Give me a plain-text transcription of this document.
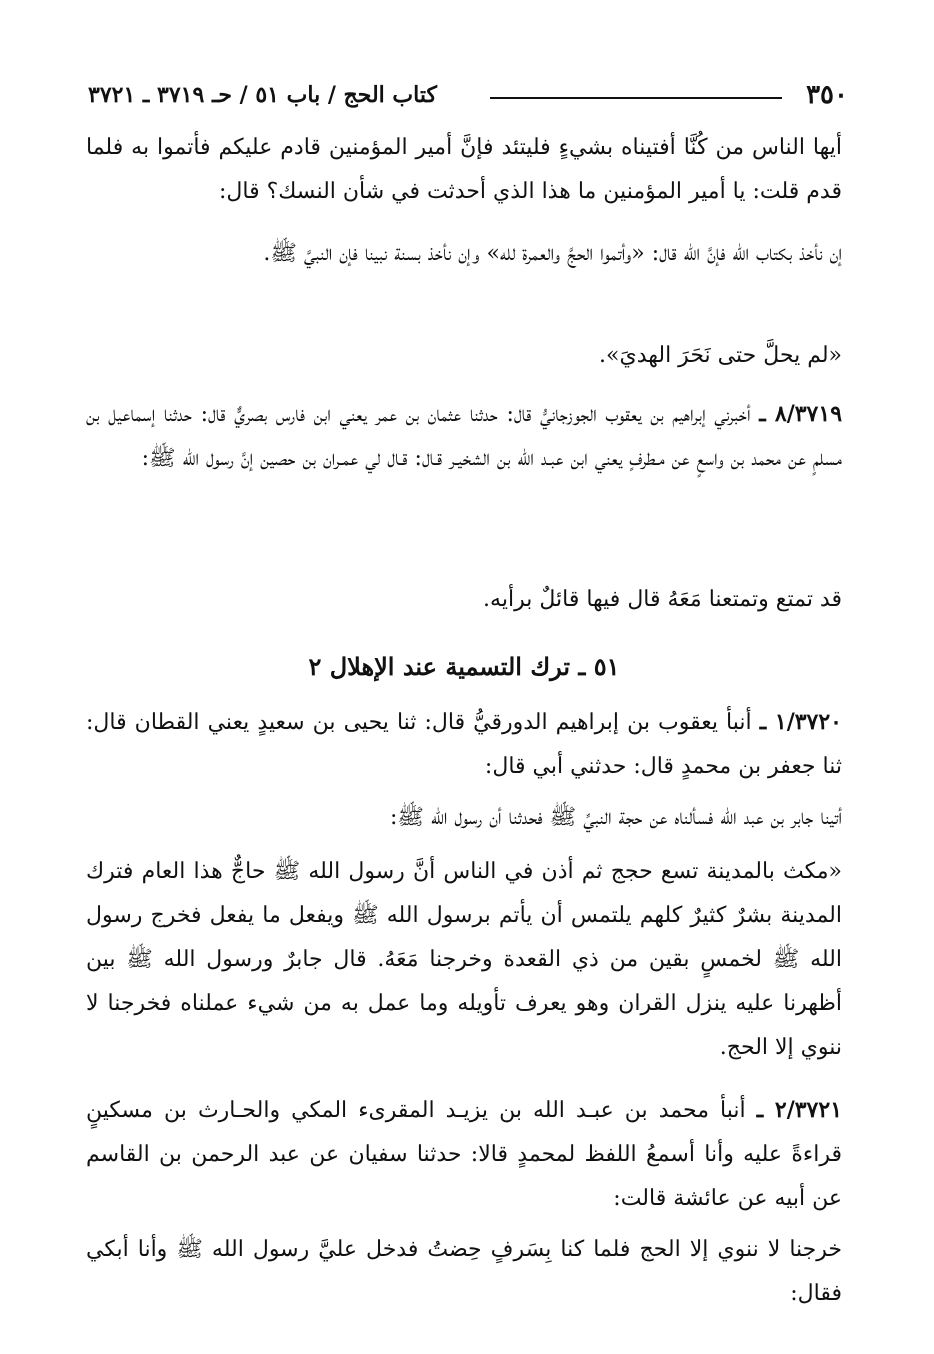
٣٥٠
كتاب الحج / باب ٥١ / حـ ٣٧١٩ ـ ٣٧٢١

أيها الناس من كُنَّا أفتيناه بشيءٍ فليتئد فإنَّ أمير المؤمنين قادم عليكم فأتموا به فلما قدم قلت: يا أمير المؤمنين ما هذا الذي أحدثت في شأن النسك؟ قال:

إن نأخذ بكتاب الله فإنَّ الله قال: «وأتموا الحجَّ والعمرة لله» وإن نأخذ بسنة نبينا فإن النبيَّ ﷺ.

«لم يحلَّ حتى نَحَرَ الهديَ».

٨/٣٧١٩ ـ أخبرني إبراهيم بن يعقوب الجوزجانيُّ قال: حدثنا عثمان بن عمر يعني ابن فارس بصريٌّ قال: حدثنا إسماعيل بن مسلمٍ عن محمد بن واسعٍ عن مـطرفٍ يعني ابن عبـد الله بن الشخيـر قـال: قـال لي عمـران بن حصين إنَّ رسول الله ﷺ:

قد تمتع وتمتعنا مَعَهُ قال فيها قائلٌ برأيه.

٥١ ـ ترك التسمية عند الإهلال ٢

١/٣٧٢٠ ـ أنبأ يعقوب بن إبراهيم الدورقيُّ قال: ثنا يحيى بن سعيدٍ يعني القطان قال: ثنا جعفر بن محمدٍ قال: حدثني أبي قال:

أتينا جابر بن عبد الله فسألناه عن حجة النبيِّ ﷺ فحدثنا أن رسول الله ﷺ:

«مكث بالمدينة تسع حجج ثم أذن في الناس أنَّ رسول الله ﷺ حاجٌّ هذا العام فترك المدينة بشرٌ كثيرٌ كلهم يلتمس أن يأتم برسول الله ﷺ ويفعل ما يفعل فخرج رسول الله ﷺ لخمسٍ بقين من ذي القعدة وخرجنا مَعَهُ. قال جابرٌ ورسول الله ﷺ بين أظهرنا عليه ينزل القران وهو يعرف تأويله وما عمل به من شيء عملناه فخرجنا لا ننوي إلا الحج.

٢/٣٧٢١ ـ أنبأ محمد بن عبـد الله بن يزيـد المقرىء المكي والحـارث بن مسكينٍ قراءةً عليه وأنا أسمعُ اللفظ لمحمدٍ قالا: حدثنا سفيان عن عبد الرحمن بن القاسم عن أبيه عن عائشة قالت:

خرجنا لا ننوي إلا الحج فلما كنا بِسَرفٍ حِضتُ فدخل عليَّ رسول الله ﷺ وأنا أبكي فقال:
